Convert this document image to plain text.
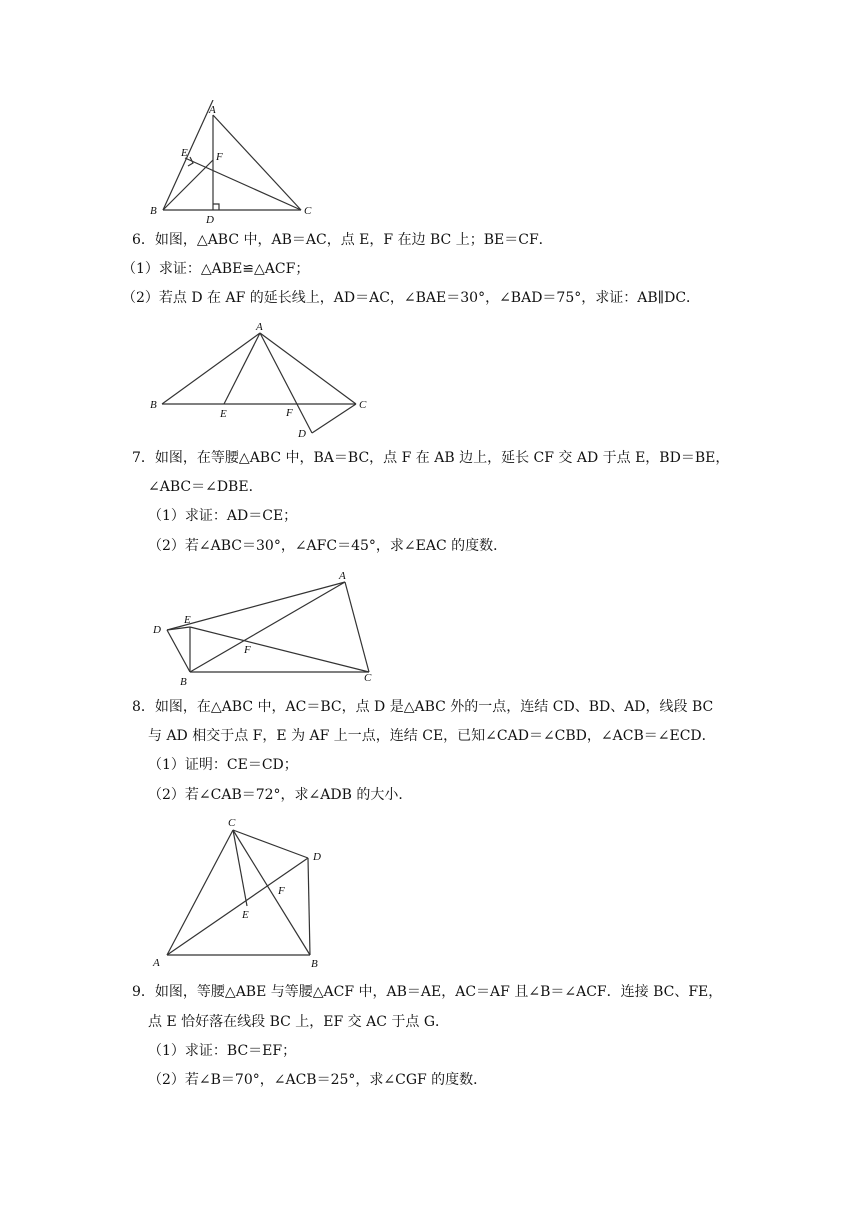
A
B	C
D
E	F
6．如图，△ABC 中，AB＝AC，点 E，F 在边 BC 上；BE＝CF．
（1）求证：△ABE≌△ACF；
（2）若点 D 在 AF 的延长线上，AD＝AC，∠BAE＝30°，∠BAD＝75°，求证：AB∥DC．
A
B	C
D
E	F
7．如图，在等腰△ABC 中，BA＝BC，点 F 在 AB 边上，延长 CF 交 AD 于点 E，BD＝BE，
∠ABC＝∠DBE．
（1）求证：AD＝CE；
（2）若∠ABC＝30°，∠AFC＝45°，求∠EAC 的度数．
A
B	C
D
E
F
8．如图，在△ABC 中，AC＝BC，点 D 是△ABC 外的一点，连结 CD、BD、AD，线段 BC
与 AD 相交于点 F，E 为 AF 上一点，连结 CE，已知∠CAD＝∠CBD，∠ACB＝∠ECD．
（1）证明：CE＝CD；
（2）若∠CAB＝72°，求∠ADB 的大小．
C
A	B
D
E
F
9．如图，等腰△ABE 与等腰△ACF 中，AB＝AE，AC＝AF 且∠B＝∠ACF．连接 BC、FE，
点 E 恰好落在线段 BC 上，EF 交 AC 于点 G．
（1）求证：BC＝EF；
（2）若∠B＝70°，∠ACB＝25°，求∠CGF 的度数．
